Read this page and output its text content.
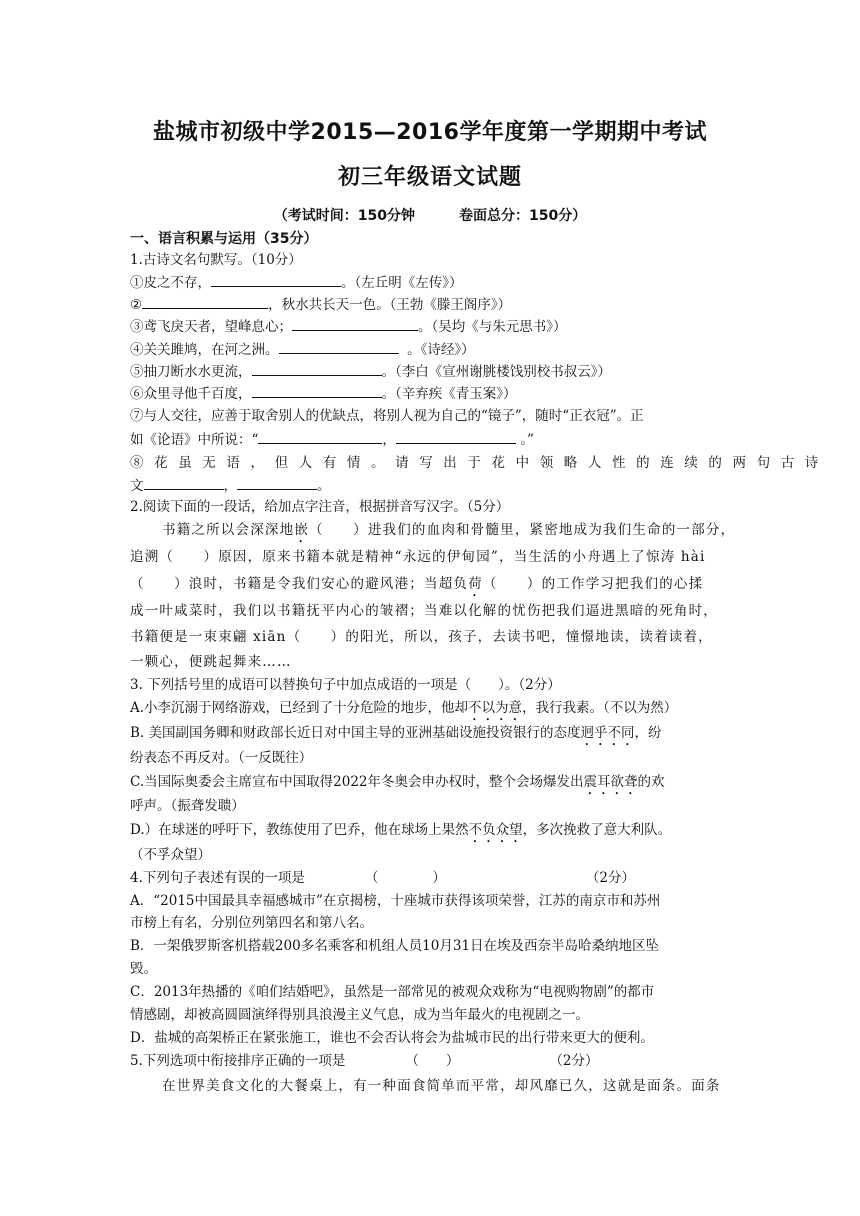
盐城市初级中学2015—2016学年度第一学期期中考试
初三年级语文试题
（考试时间：150分钟	卷面总分：150分）
一、语言积累与运用（35分）
1.古诗文名句默写。（10分）
①皮之不存，	。（左丘明《左传》）
②	，秋水共长天一色。（王勃《滕王阁序》）
③鸢飞戾天者，望峰息心；	。（吴均《与朱元思书》）
④关关雎鸠，在河之洲。	。《诗经》）
⑤抽刀断水水更流，	。（李白《宣州谢朓楼饯别校书叔云》）
⑥众里寻他千百度，	。（辛弃疾《青玉案》）
⑦与人交往，应善于取舍别人的优缺点，将别人视为自己的“镜子”，随时“正衣冠”。正
如《论语》中所说：“	，	。”
⑧花虽无语，但人有情。请写出于花中领略人性的连续的两句古诗
文	，	。
2.阅读下面的一段话，给加点字注音，根据拼音写汉字。（5分）
书籍之所以会深深地嵌（　　）进我们的血肉和骨髓里，紧密地成为我们生命的一部分，
追溯（　　）原因，原来书籍本就是精神“永远的伊甸园”，当生活的小舟遇上了惊涛 hài
（　　）浪时，书籍是令我们安心的避风港；当超负荷（　　）的工作学习把我们的心揉
成一叶咸菜时，我们以书籍抚平内心的皱褶；当难以化解的忧伤把我们逼进黑暗的死角时，
书籍便是一束束翩 xiān（　　）的阳光，所以，孩子，去读书吧，憧憬地读，读着读着，
一颗心，便跳起舞来……
3. 下列括号里的成语可以替换句子中加点成语的一项是（　　）。（2分）
A.小李沉溺于网络游戏，已经到了十分危险的地步，他却不以为意，我行我素。（不以为然）
B. 美国副国务卿和财政部长近日对中国主导的亚洲基础设施投资银行的态度迥乎不同，纷
纷表态不再反对。（一反既往）
C.当国际奥委会主席宣布中国取得2022年冬奥会申办权时，整个会场爆发出震耳欲聋的欢
呼声。（振聋发聩）
D.）在球迷的呼吁下，教练使用了巴乔，他在球场上果然不负众望，多次挽救了意大利队。
（不孚众望）
4.下列句子表述有误的一项是	（　　　　）	（2分）
A．“2015中国最具幸福感城市”在京揭榜，十座城市获得该项荣誉，江苏的南京市和苏州
市榜上有名，分别位列第四名和第八名。
B．一架俄罗斯客机搭载200多名乘客和机组人员10月31日在埃及西奈半岛哈桑纳地区坠
毁。
C．2013年热播的《咱们结婚吧》，虽然是一部常见的被观众戏称为“电视购物剧”的都市
情感剧，却被高圆圆演绎得别具浪漫主义气息，成为当年最火的电视剧之一。
D．盐城的高架桥正在紧张施工，谁也不会否认将会为盐城市民的出行带来更大的便利。
5.下列选项中衔接排序正确的一项是	（　　）	（2分）
在世界美食文化的大餐桌上，有一种面食简单而平常，却风靡已久，这就是面条。面条
